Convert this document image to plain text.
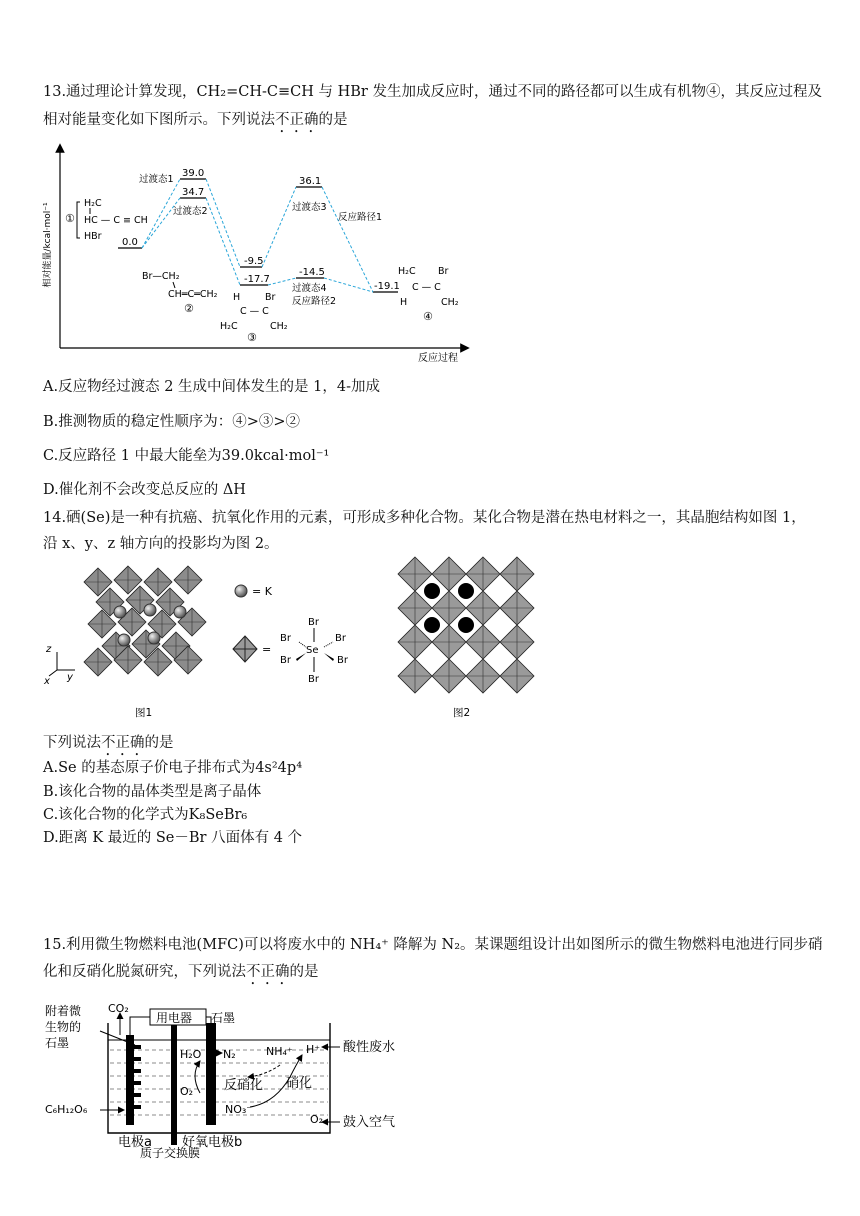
13.通过理论计算发现，CH₂=CH-C≡CH 与 HBr 发生加成反应时，通过不同的路径都可以生成有机物④，其反应过程及
相对能量变化如下图所示。下列说法不正确的是
相对能量/kcal·mol⁻¹
反应过程
0.0
39.0
34.7
-9.5
-17.7
36.1
-14.5
-19.1
过渡态1
过渡态2	过渡态3
反应路径1
过渡态4
反应路径2
①
H₂C
HC — C ≡ CH
HBr
Br—CH₂
CH═C═CH₂
②
H	Br
C — C
H₂C	CH₂
③
H₂C Br
C — C
H	CH₂
④
A.反应物经过渡态 2 生成中间体发生的是 1，4-加成
B.推测物质的稳定性顺序为：④>③>②
C.反应路径 1 中最大能垒为39.0kcal·mol⁻¹
D.催化剂不会改变总反应的 ΔH
14.硒(Se)是一种有抗癌、抗氧化作用的元素，可形成多种化合物。某化合物是潜在热电材料之一，其晶胞结构如图 1，
沿 x、y、z 轴方向的投影均为图 2。
z
x y
= K
=
Br
Br	Br
Br	Br
Se
Br
图1	图2
下列说法不正确的是
A.Se 的基态原子价电子排布式为4s²4p⁴
B.该化合物的晶体类型是离子晶体
C.该化合物的化学式为K₈SeBr₆
D.距离 K 最近的 Se－Br 八面体有 4 个
15.利用微生物燃料电池(MFC)可以将废水中的 NH₄⁺ 降解为 N₂。某课题组设计出如图所示的微生物燃料电池进行同步硝
化和反硝化脱氮研究，下列说法不正确的是
附着微
生物的
石墨
用电器 石墨
CO₂
H₂O N₂	NH₄⁺ H⁺
O₂ 反硝化 硝化
NO₃⁻
O₂
C₆H₁₂O₆
酸性废水
鼓入空气
电极a 好氧电极b
质子交换膜
